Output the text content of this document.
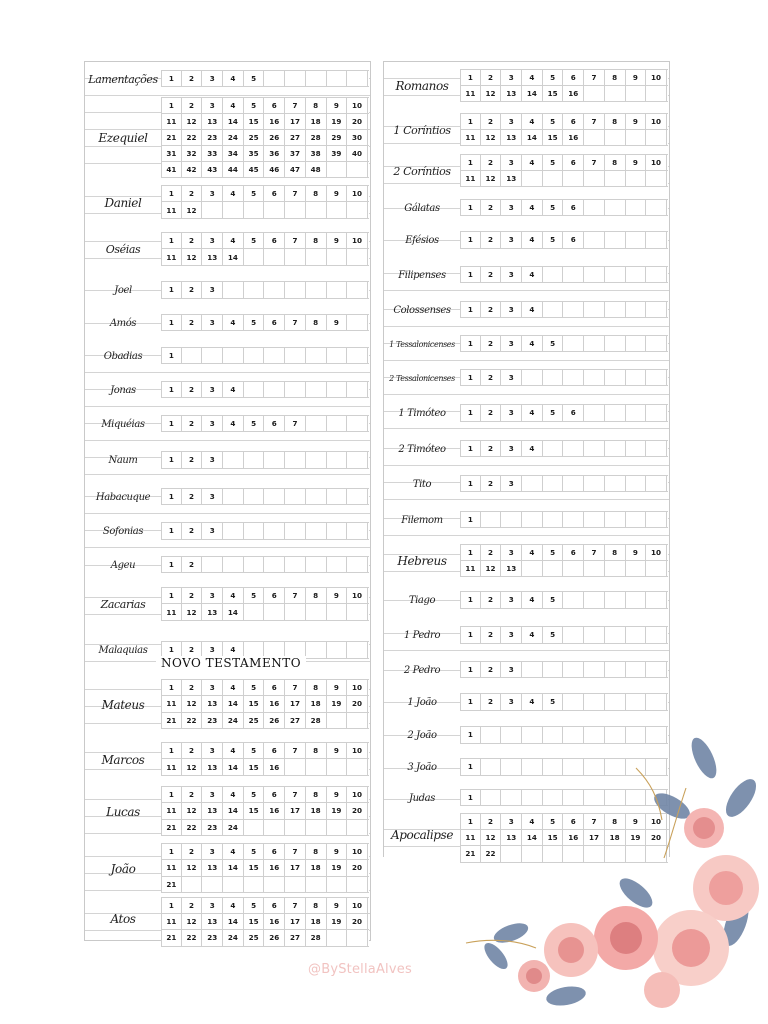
Lamentações	1	2	3	4	5
Ezequiel
1	2	3	4	5	6	7	8	9	10
11	12	13	14	15	16	17	18	19	20
21	22	23	24	25	26	27	28	29	30
31	32	33	34	35	36	37	38	39	40
41	42	43	44	45	46	47	48
Daniel
1	2	3	4	5	6	7	8	9	10
11	12
Oséias
1	2	3	4	5	6	7	8	9	10
11	12	13	14
Joel	1	2	3
Amós	1	2	3	4	5	6	7	8	9
Obadias	1
Jonas	1	2	3	4
Miquéias	1	2	3	4	5	6	7
Naum	1	2	3
Habacuque	1	2	3
Sofonias	1	2	3
Ageu	1	2
Zacarias
1	2	3	4	5	6	7	8	9	10
11	12	13	14
Malaquias	1	2	3	4
Mateus
1	2	3	4	5	6	7	8	9	10
11	12	13	14	15	16	17	18	19	20
21	22	23	24	25	26	27	28
Marcos
1	2	3	4	5	6	7	8	9	10
11	12	13	14	15	16
Lucas
1	2	3	4	5	6	7	8	9	10
11	12	13	14	15	16	17	18	19	20
21	22	23	24
João
1	2	3	4	5	6	7	8	9	10
11	12	13	14	15	16	17	18	19	20
21
Atos
1	2	3	4	5	6	7	8	9	10
11	12	13	14	15	16	17	18	19	20
21	22	23	24	25	26	27	28
Romanos
1	2	3	4	5	6	7	8	9	10
11	12	13	14	15	16
1 Coríntios
1	2	3	4	5	6	7	8	9	10
11	12	13	14	15	16
2 Coríntios
1	2	3	4	5	6	7	8	9	10
11	12	13
Gálatas	1	2	3	4	5	6
Efésios	1	2	3	4	5	6
Filipenses	1	2	3	4
Colossenses	1	2	3	4
1 Tessalonicenses	1	2	3	4	5
2 Tessalonicenses	1	2	3
1 Timóteo	1	2	3	4	5	6
2 Timóteo	1	2	3	4
Tito	1	2	3
Filemom	1
Hebreus
1	2	3	4	5	6	7	8	9	10
11	12	13
Tiago	1	2	3	4	5
1 Pedro	1	2	3	4	5
2 Pedro	1	2	3
1 João	1	2	3	4	5
2 João	1
3 João	1
Judas	1
Apocalipse
1	2	3	4	5	6	7	8	9	10
11	12	13	14	15	16	17	18	19	20
21	22
NOVO TESTAMENTO
@ByStellaAlves
